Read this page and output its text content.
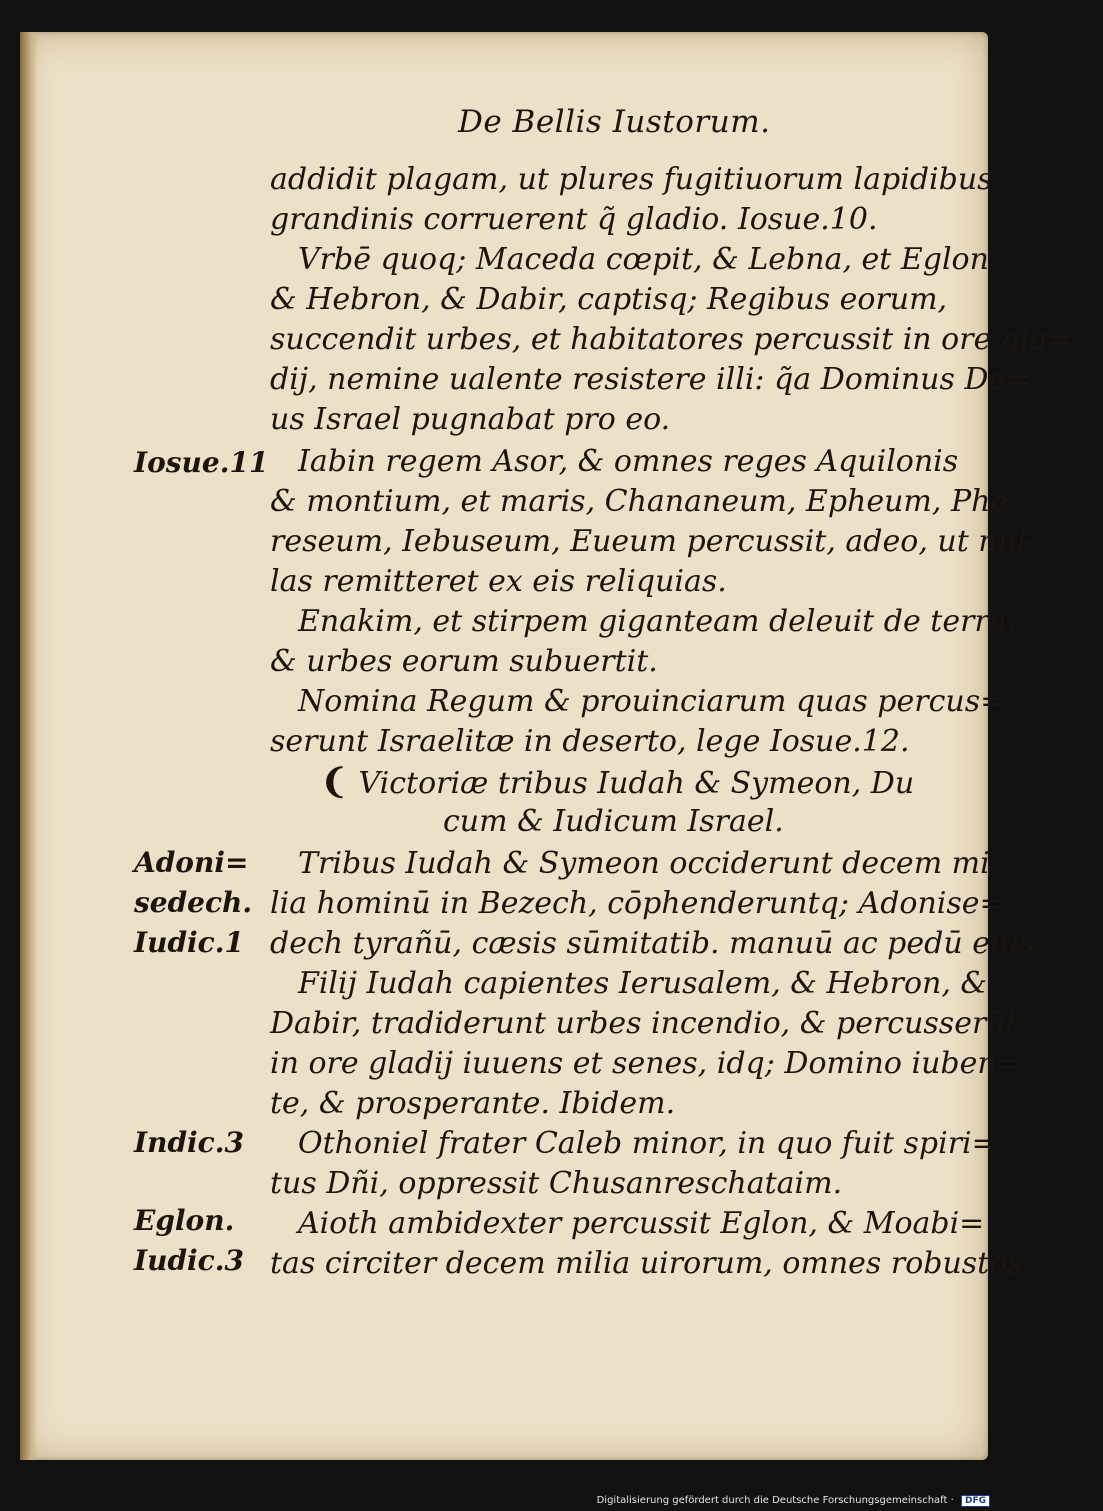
De Bellis Iustorum.
addidit plagam, ut plures fugitiuorum lapidibus
grandinis corruerent q̃ gladio. Iosue.10.
Vrbē quoq; Maceda cœpit, & Lebna, et Eglon
& Hebron, & Dabir, captisq; Regibus eorum,
succendit urbes, et habitatores percussit in ore gla=
dij, nemine ualente resistere illi: q̃a Dominus De=
us Israel pugnabat pro eo.
Iabin regem Asor, & omnes reges Aquilonis
& montium, et maris, Chananeum, Ephеum, Phe
reseum, Iebuseum, Eueum percussit, adeo, ut nul-
las remitteret ex eis reliquias.
Enakim, et stirpem giganteam deleuit de terra,
& urbes eorum subuertit.
Nomina Regum & prouinciarum quas percus=
serunt Israelitæ in deserto, lege Iosue.12.
❨ Victoriæ tribus Iudah & Symeon, Du
cum & Iudicum Israel.
Tribus Iudah & Symeon occiderunt decem mi
lia hominū in Bezech, cōphenderuntq; Adonise=
dech tyrañū, cæsis sūmitatib. manuū ac pedū eius.
Filij Iudah capientes Ierusalem, & Hebron, &
Dabir, tradiderunt urbes incendio, & percusserūt
in ore gladij iuuens et senes, idq; Domino iuben=
te, & prosperante. Ibidem.
Othoniel frater Caleb minor, in quo fuit spiri=
tus Dñi, oppressit Chusanreschataim.
Aioth ambidexter percussit Eglon, & Moabi=
tas circiter decem milia uirorum, omnes robustos
Iosue.11
Adoni=
sedech.
Iudic.1
Indic.3
Eglon.
Iudic.3
Digitalisierung gefördert durch die Deutsche Forschungsgemeinschaft · DFG
